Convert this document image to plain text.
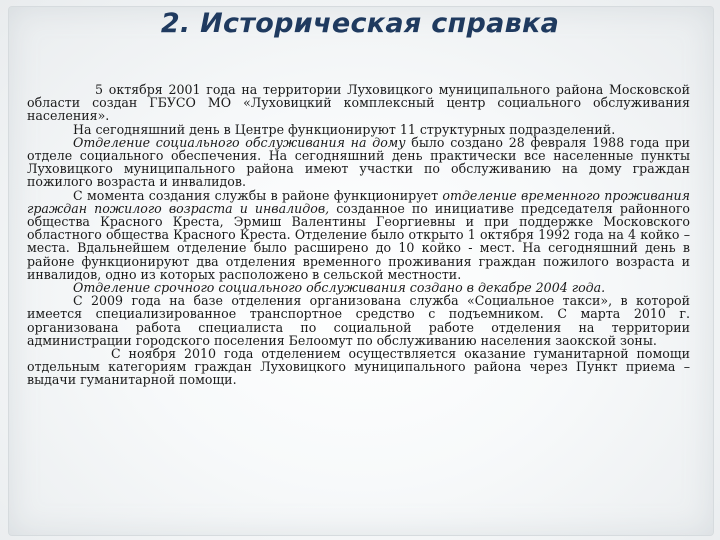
2. Историческая справка

5 октября 2001 года на территории Луховицкого муниципального района Московской области создан ГБУСО МО «Луховицкий комплексный центр социального обслуживания населения».

На сегодняшний день в Центре функционируют 11 структурных подразделений.

Отделение социального обслуживания на дому было создано 28 февраля 1988 года при отделе социального обеспечения. На сегодняшний день практически все населенные пункты Луховицкого муниципального района имеют участки по обслуживанию на дому граждан пожилого возраста и инвалидов.

С момента создания службы в районе функционирует отделение временного проживания граждан пожилого возраста и инвалидов, созданное по инициативе председателя районного общества Красного Креста, Эрмиш Валентины Георгиевны и при поддержке Московского областного общества Красного Креста. Отделение было открыто 1 октября 1992 года на 4 койко – места. Вдальнейшем отделение было расширено до 10 койко - мест. На сегодняшний день в районе функционируют два отделения временного проживания граждан пожилого возраста и инвалидов, одно из которых расположено в сельской местности.

Отделение срочного социального обслуживания создано в декабре 2004 года.

С 2009 года на базе отделения организована служба «Социальное такси», в которой имеется специализированное транспортное средство с подъемником. С марта 2010 г. организована работа специалиста по социальной работе отделения на территории администрации городского поселения Белоомут по обслуживанию населения заокской зоны.

С ноября 2010 года отделением осуществляется оказание гуманитарной помощи отдельным категориям граждан Луховицкого муниципального района через Пункт приема – выдачи гуманитарной помощи.
